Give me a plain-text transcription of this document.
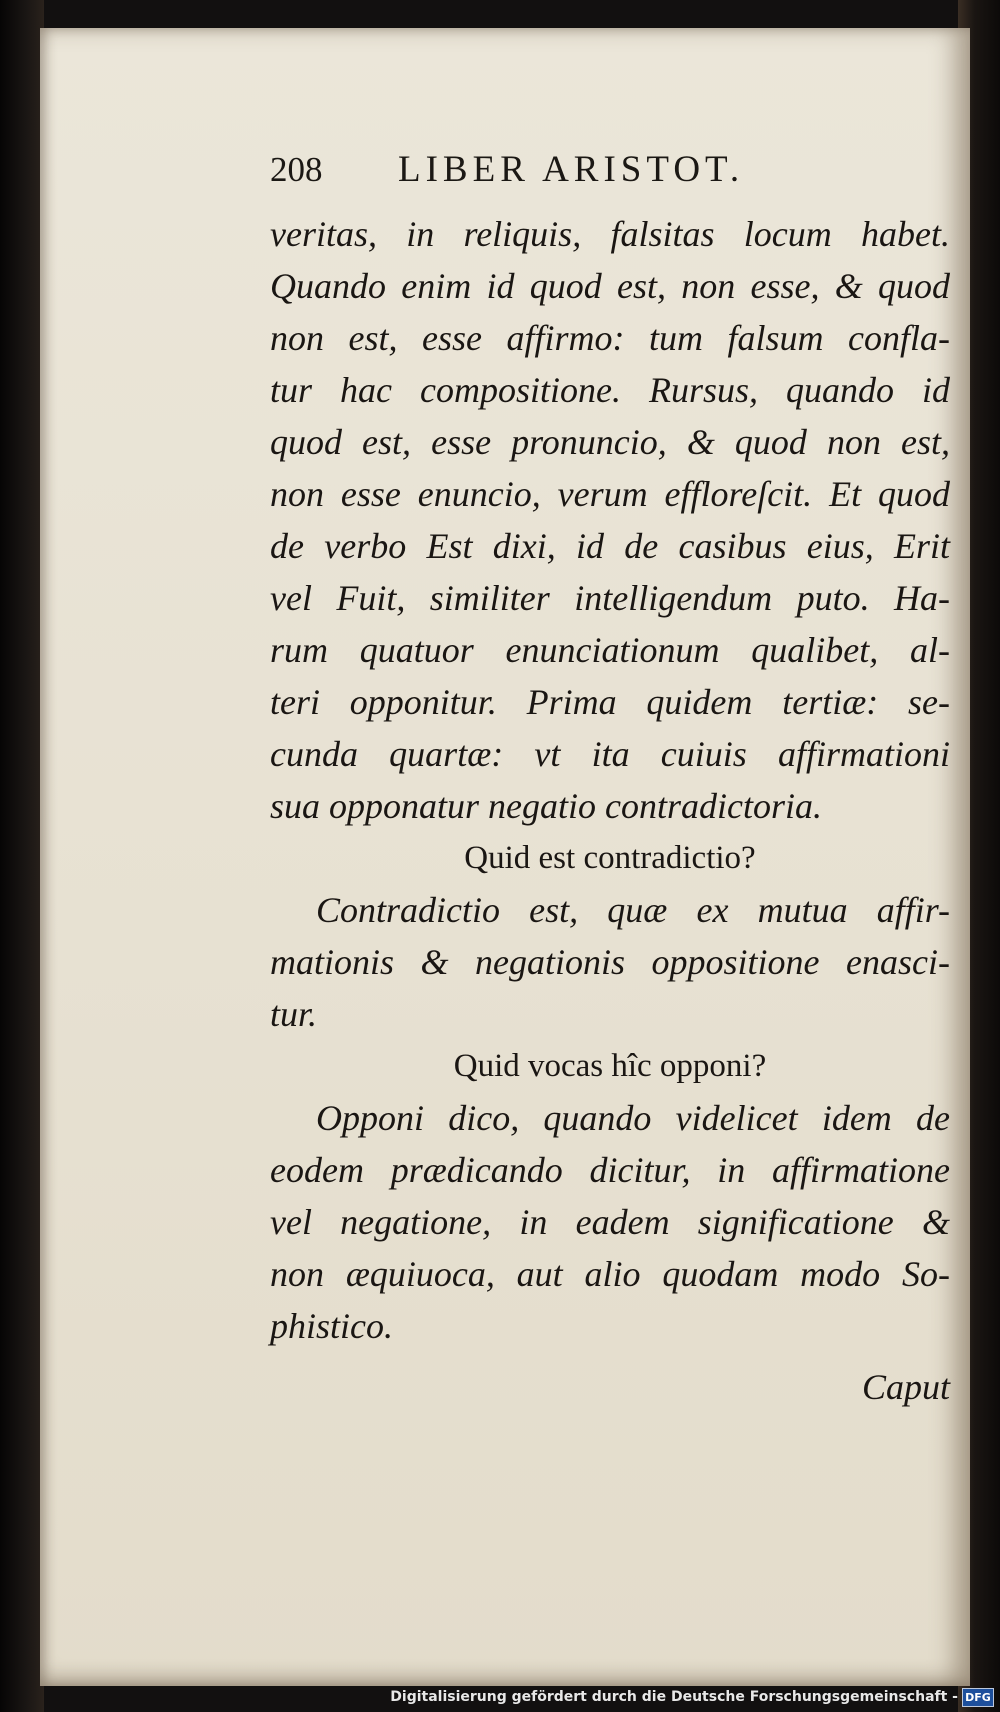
208	LIBER ARISTOT.
veritas, in reliquis, falsitas locum habet.
Quando enim id quod est, non esse, & quod
non est, esse affirmo: tum falsum confla-
tur hac compositione. Rursus, quando id
quod est, esse pronuncio, & quod non est,
non esse enuncio, verum effloreſcit. Et quod
de verbo Est dixi, id de casibus eius, Erit
vel Fuit, similiter intelligendum puto. Ha-
rum quatuor enunciationum qualibet, al-
teri opponitur. Prima quidem tertiæ: se-
cunda quartæ: vt ita cuiuis affirmationi
sua opponatur negatio contradictoria.
Quid est contradictio?
Contradictio est, quæ ex mutua affir-
mationis & negationis oppositione enasci-
tur.
Quid vocas hîc opponi?
Opponi dico, quando videlicet idem de
eodem prædicando dicitur, in affirmatione
vel negatione, in eadem significatione &
non æquiuoca, aut alio quodam modo So-
phistico.
Caput
Digitalisierung gefördert durch die Deutsche Forschungsgemeinschaft - DFG
